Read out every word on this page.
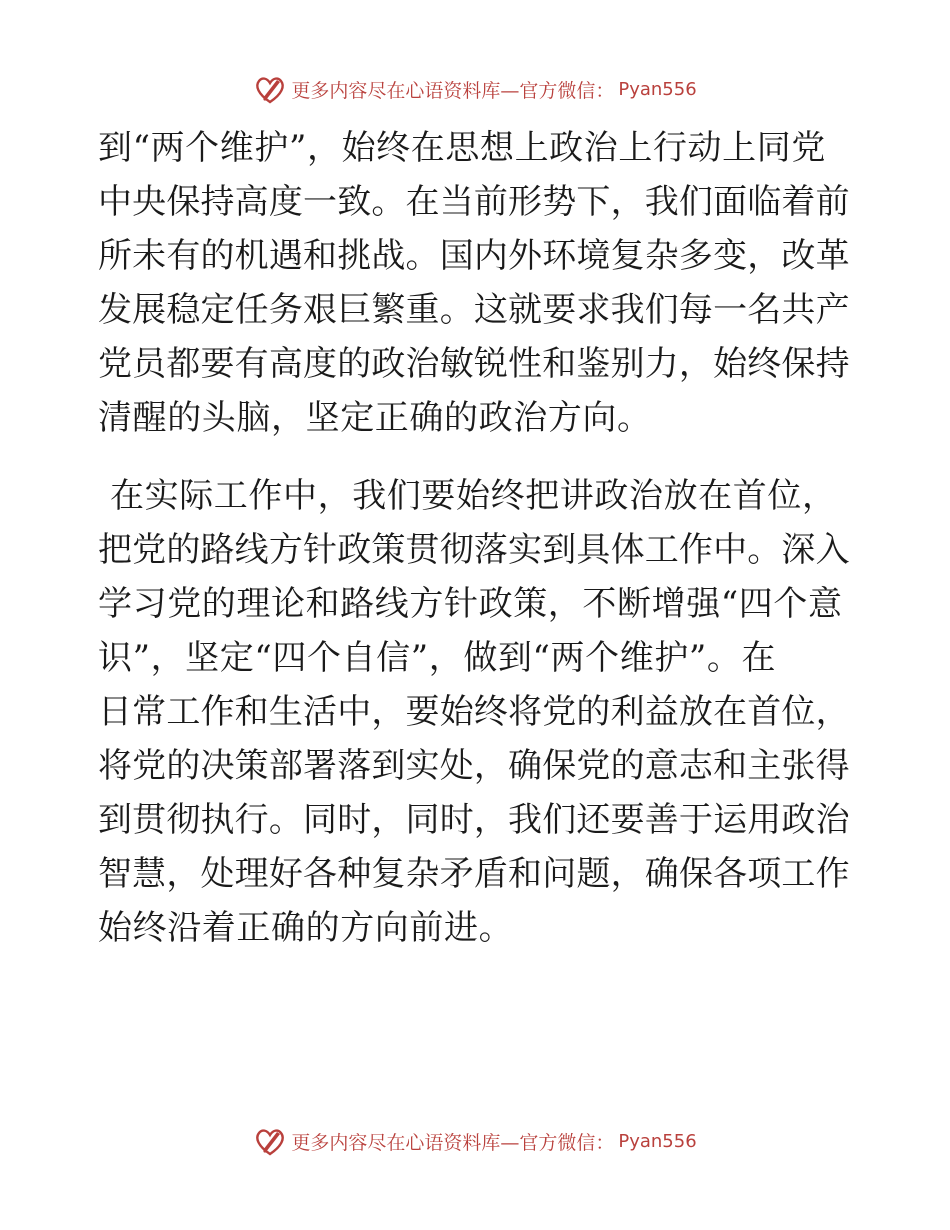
更多内容尽在心语资料库—官方微信： Pyan556

到“两个维护”，始终在思想上政治上行动上同党
中央保持高度一致。在当前形势下，我们面临着前
所未有的机遇和挑战。国内外环境复杂多变，改革
发展稳定任务艰巨繁重。这就要求我们每一名共产
党员都要有高度的政治敏锐性和鉴别力，始终保持
清醒的头脑，坚定正确的政治方向。

在实际工作中，我们要始终把讲政治放在首位，
把党的路线方针政策贯彻落实到具体工作中。深入
学习党的理论和路线方针政策，不断增强“四个意
识”，坚定“四个自信”，做到“两个维护”。在
日常工作和生活中，要始终将党的利益放在首位，
将党的决策部署落到实处，确保党的意志和主张得
到贯彻执行。同时，同时，我们还要善于运用政治
智慧，处理好各种复杂矛盾和问题，确保各项工作
始终沿着正确的方向前进。

更多内容尽在心语资料库—官方微信： Pyan556
